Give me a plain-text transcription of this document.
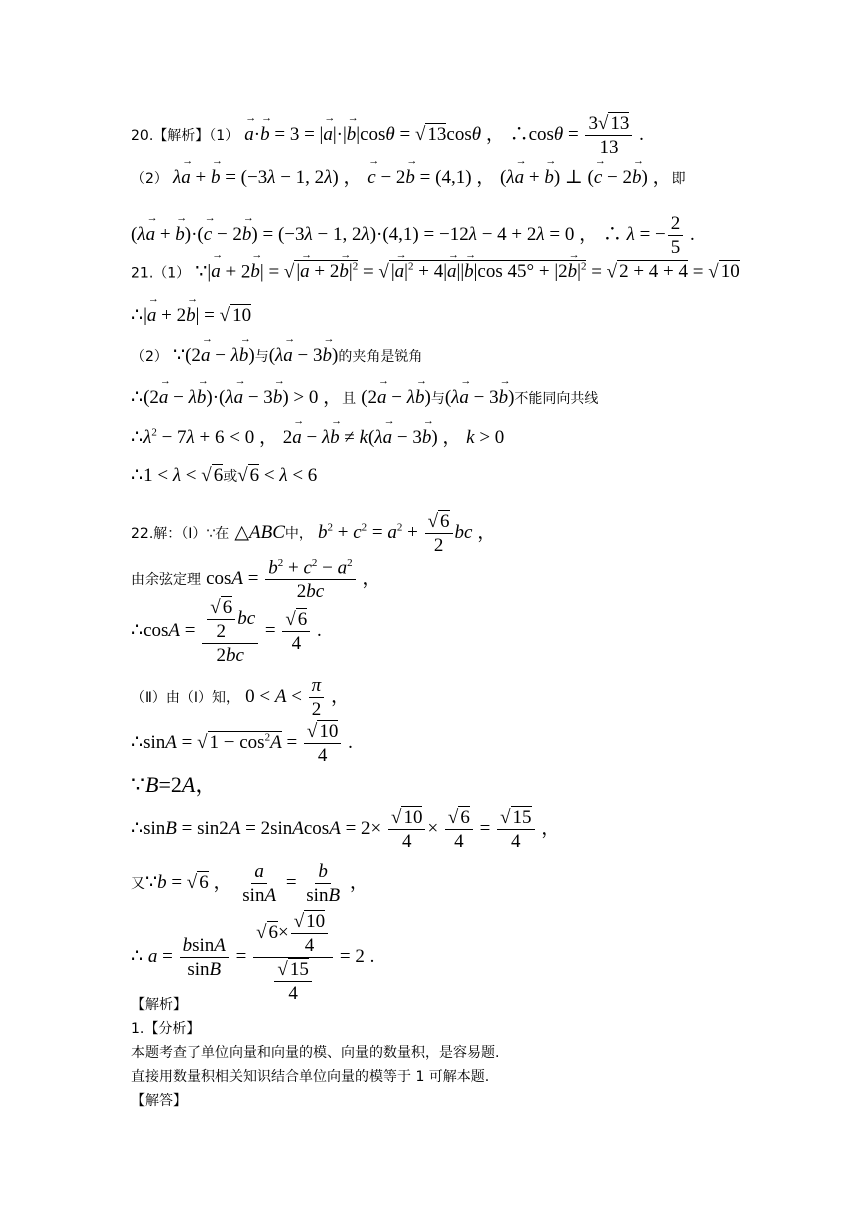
20.【解析】（1） → a·→ b = 3 = |→ a|·|→ b|cosθ = √ 13cosθ ， ∴cosθ = $\frac{3√ 13}{13}$ .
（2） λ→ a + → b = (−3λ − 1, 2λ) ， → c − 2→ b = (4,1) ， (λ→ a + → b) ⊥ (→ c − 2→ b) ，即
(λ→ a + → b)·(→ c − 2→ b) = (−3λ − 1, 2λ)·(4,1) = −12λ − 4 + 2λ = 0 ， ∴ λ = − $\frac{2}{5}$ .
21.（1） ∵|→ a + 2→ b| = √ |→ $a + 2\to b|^2$ = √ |→ $a|^2 + 4|\to a||\to b|\cos$ $45^\circ + |2\to b|^2$ = √ 2 + 4 + 4 = √ 10
∴|→ a + 2→ b| = √ 10
（2） ∵(2→ a − λ→ b)与(λ→ a − 3→ b)的夹角是锐角
∴(2→ a − λ→ b)·(λ→ a − 3→ b) > 0 ，且 (2→ a − λ→ b)与(λ→ a − 3→ b)不能同向共线
$\therefore\lambda^2 - 7\lambda + 6 < 0$ ， 2→ a − λ→ b ≠ k(λ→ a − 3→ b) ， k > 0
∴1 < λ < √ 6或√ 6 < λ < 6
22.解：（Ⅰ）∵在 △ABC中， $b^2 + c^2 = a^2 + \frac{√ 6}{2}$ bc ，
由余弦定理 $\cos A = \frac{b^2 + c^2 - a^2}{2bc}$ ，
∴cosA = $\frac{\frac{√ 6}{2} bc}{2bc} = \frac{√ 6}{4}$ .
（Ⅱ）由（Ⅰ）知， $0 < A < \frac{\pi}{2}$ ，
∴sinA = √ $1 - \cos^2A = \frac{√ 10}{4}$ .
∵B=2A，
∴sinB = sin2A = 2sinAcosA = $2\times \frac{√ 10}{4} \times \frac{√ 6}{4} = \frac{√ 15}{4}$ ，
又∵b = √ 6 ， $\frac{a}{\sin A} = \frac{b}{\sin B}$ ，
∴ $a = \frac{bsinA}{\sin B} = \frac{√ 6\times \frac{√ 10}{4}}{\frac{√ 15}{4}} = 2$ .
【解析】
1.【分析】
本题考查了单位向量和向量的模、向量的数量积，是容易题.
直接用数量积相关知识结合单位向量的模等于 1 可解本题.
【解答】
